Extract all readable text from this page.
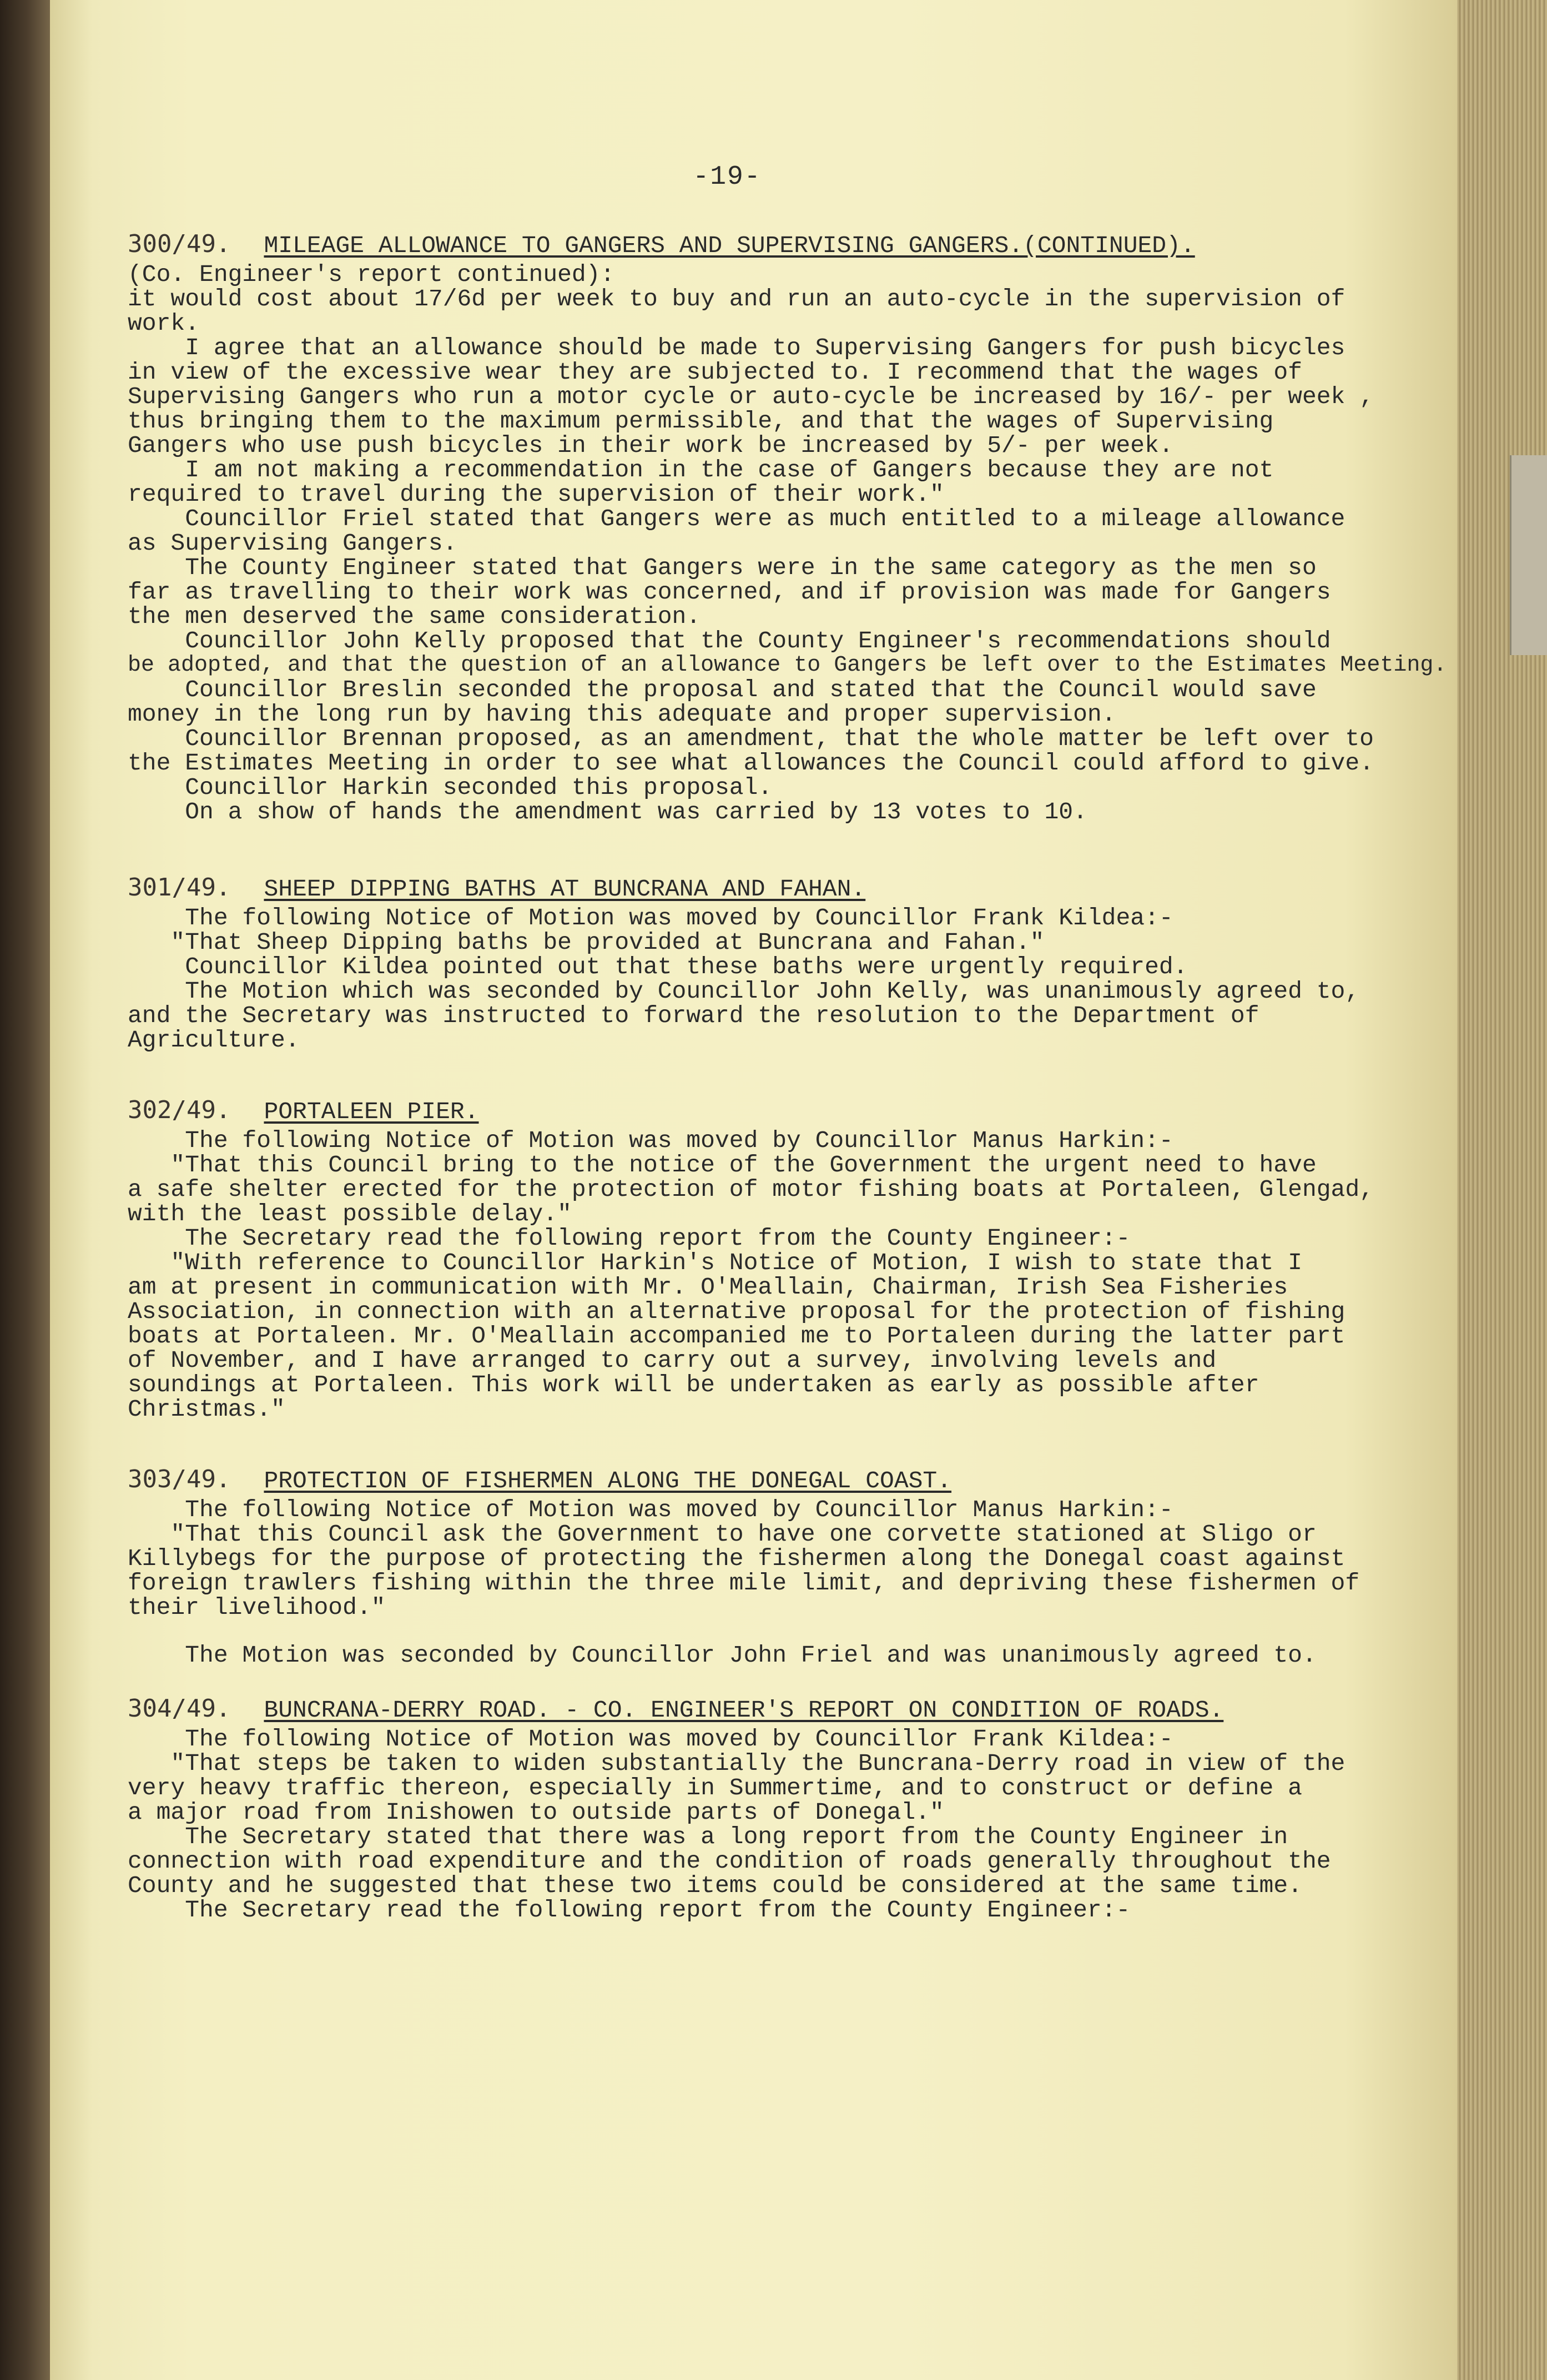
-19-
300/49. MILEAGE ALLOWANCE TO GANGERS AND SUPERVISING GANGERS.(CONTINUED).
(Co. Engineer's report continued):
it would cost about 17/6d per week to buy and run an auto-cycle in the supervision of
work.
I agree that an allowance should be made to Supervising Gangers for push bicycles
in view of the excessive wear they are subjected to. I recommend that the wages of
Supervising Gangers who run a motor cycle or auto-cycle be increased by 16/- per week ,
thus bringing them to the maximum permissible, and that the wages of Supervising
Gangers who use push bicycles in their work be increased by 5/- per week.
I am not making a recommendation in the case of Gangers because they are not
required to travel during the supervision of their work."
Councillor Friel stated that Gangers were as much entitled to a mileage allowance
as Supervising Gangers.
The County Engineer stated that Gangers were in the same category as the men so
far as travelling to their work was concerned, and if provision was made for Gangers
the men deserved the same consideration.
Councillor John Kelly proposed that the County Engineer's recommendations should
be adopted, and that the question of an allowance to Gangers be left over to the Estimates Meeting.
Councillor Breslin seconded the proposal and stated that the Council would save
money in the long run by having this adequate and proper supervision.
Councillor Brennan proposed, as an amendment, that the whole matter be left over to
the Estimates Meeting in order to see what allowances the Council could afford to give.
Councillor Harkin seconded this proposal.
On a show of hands the amendment was carried by 13 votes to 10.
301/49. SHEEP DIPPING BATHS AT BUNCRANA AND FAHAN.
The following Notice of Motion was moved by Councillor Frank Kildea:-
"That Sheep Dipping baths be provided at Buncrana and Fahan."
Councillor Kildea pointed out that these baths were urgently required.
The Motion which was seconded by Councillor John Kelly, was unanimously agreed to,
and the Secretary was instructed to forward the resolution to the Department of
Agriculture.
302/49. PORTALEEN PIER.
The following Notice of Motion was moved by Councillor Manus Harkin:-
"That this Council bring to the notice of the Government the urgent need to have
a safe shelter erected for the protection of motor fishing boats at Portaleen, Glengad,
with the least possible delay."
The Secretary read the following report from the County Engineer:-
"With reference to Councillor Harkin's Notice of Motion, I wish to state that I
am at present in communication with Mr. O'Meallain, Chairman, Irish Sea Fisheries
Association, in connection with an alternative proposal for the protection of fishing
boats at Portaleen. Mr. O'Meallain accompanied me to Portaleen during the latter part
of November, and I have arranged to carry out a survey, involving levels and
soundings at Portaleen. This work will be undertaken as early as possible after
Christmas."
303/49. PROTECTION OF FISHERMEN ALONG THE DONEGAL COAST.
The following Notice of Motion was moved by Councillor Manus Harkin:-
"That this Council ask the Government to have one corvette stationed at Sligo or
Killybegs for the purpose of protecting the fishermen along the Donegal coast against
foreign trawlers fishing within the three mile limit, and depriving these fishermen of
their livelihood."
The Motion was seconded by Councillor John Friel and was unanimously agreed to.
304/49. BUNCRANA-DERRY ROAD. - CO. ENGINEER'S REPORT ON CONDITION OF ROADS.
The following Notice of Motion was moved by Councillor Frank Kildea:-
"That steps be taken to widen substantially the Buncrana-Derry road in view of the
very heavy traffic thereon, especially in Summertime, and to construct or define a
a major road from Inishowen to outside parts of Donegal."
The Secretary stated that there was a long report from the County Engineer in
connection with road expenditure and the condition of roads generally throughout the
County and he suggested that these two items could be considered at the same time.
The Secretary read the following report from the County Engineer:-
